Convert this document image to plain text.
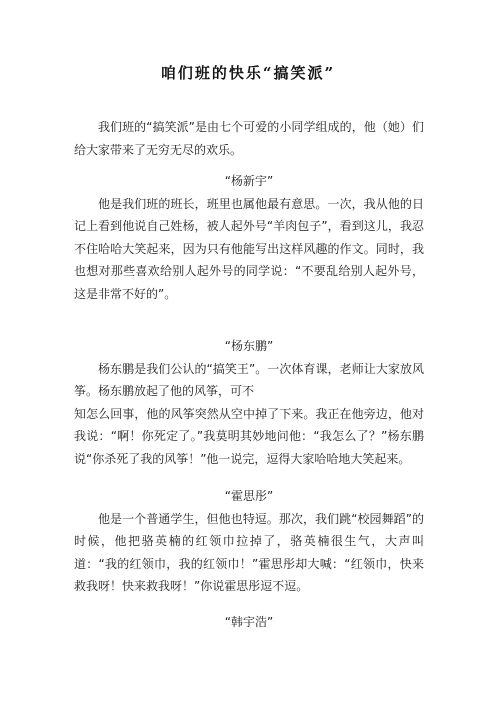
咱们班的快乐“搞笑派”

我们班的“搞笑派”是由七个可爱的小同学组成的，他（她）们给大家带来了无穷无尽的欢乐。

“杨新宇”

他是我们班的班长，班里也属他最有意思。一次，我从他的日记上看到他说自己姓杨，被人起外号“羊肉包子”，看到这儿，我忍不住哈哈大笑起来，因为只有他能写出这样风趣的作文。同时，我也想对那些喜欢给别人起外号的同学说：“不要乱给别人起外号，这是非常不好的”。

“杨东鹏”

杨东鹏是我们公认的“搞笑王”。一次体育课，老师让大家放风筝。杨东鹏放起了他的风筝，可不

知怎么回事，他的风筝突然从空中掉了下来。我正在他旁边，他对我说：“啊！你死定了。”我莫明其妙地问他：“我怎么了？”杨东鹏说“你杀死了我的风筝！”他一说完，逗得大家哈哈地大笑起来。

“霍思彤”

他是一个普通学生，但他也特逗。那次，我们跳“校园舞蹈”的时候，他把骆英楠的红领巾拉掉了，骆英楠很生气，大声叫道：“我的红领巾，我的红领巾！”霍思彤却大喊：“红领巾，快来救我呀！快来救我呀！”你说霍思彤逗不逗。

“韩宇浩”
